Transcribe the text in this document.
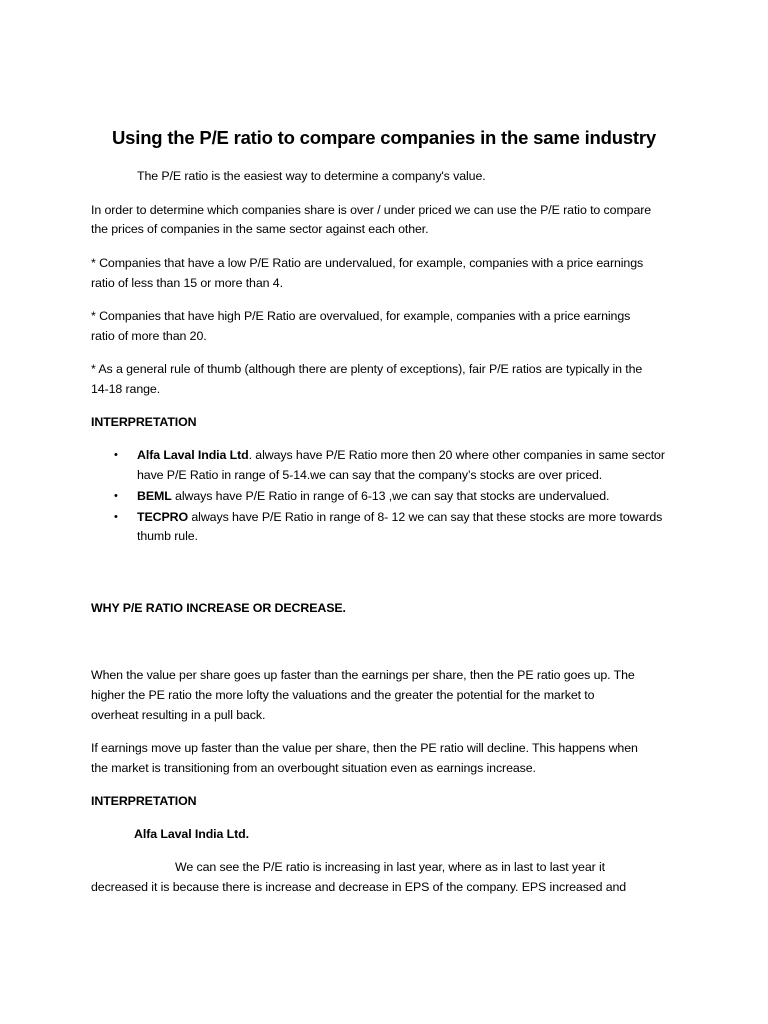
Using the P/E ratio to compare companies in the same industry
The P/E ratio is the easiest way to determine a company's value.
In order to determine which companies share is over / under priced we can use the P/E ratio to compare
the prices of companies in the same sector against each other.
* Companies that have a low P/E Ratio are undervalued, for example, companies with a price earnings
ratio of less than 15 or more than 4.
* Companies that have high P/E Ratio are overvalued, for example, companies with a price earnings
ratio of more than 20.
* As a general rule of thumb (although there are plenty of exceptions), fair P/E ratios are typically in the
14-18 range.
INTERPRETATION
• Alfa Laval India Ltd. always have P/E Ratio more then 20 where other companies in same sector
have P/E Ratio in range of 5-14.we can say that the company’s stocks are over priced.
• BEML always have P/E Ratio in range of 6-13 ,we can say that stocks are undervalued.
• TECPRO always have P/E Ratio in range of 8- 12 we can say that these stocks are more towards
thumb rule.
WHY P/E RATIO INCREASE OR DECREASE.
When the value per share goes up faster than the earnings per share, then the PE ratio goes up. The
higher the PE ratio the more lofty the valuations and the greater the potential for the market to
overheat resulting in a pull back.
If earnings move up faster than the value per share, then the PE ratio will decline. This happens when
the market is transitioning from an overbought situation even as earnings increase.
INTERPRETATION
Alfa Laval India Ltd.
We can see the P/E ratio is increasing in last year, where as in last to last year it
decreased it is because there is increase and decrease in EPS of the company. EPS increased and
